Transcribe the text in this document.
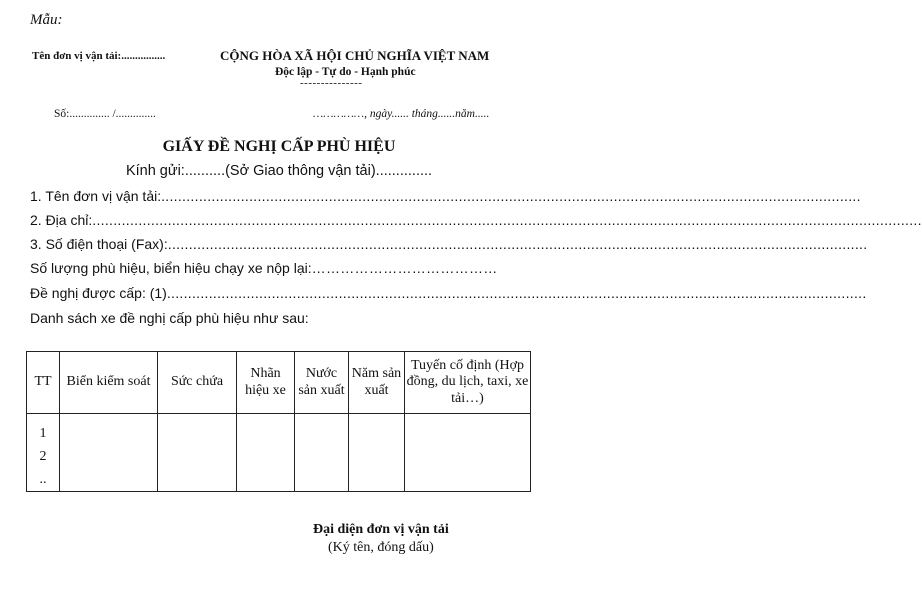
Mẫu:
Tên đơn vị vận tải:................	CỘNG HÒA XÃ HỘI CHỦ NGHĨA VIỆT NAM
Độc lập - Tự do - Hạnh phúc
---------------
Số:.............. /..............	……………, ngày...... tháng......năm.....
GIẤY ĐỀ NGHỊ CẤP PHÙ HIỆU
Kính gửi:..........(Sở Giao thông vận tải)..............
1. Tên đơn vị vận tải: .......................................................................................................................................................................
2. Địa chỉ: ......................................................................................................................................................................................................
3. Số điện thoại (Fax): .......................................................................................................................................................................
Số lượng phù hiệu, biển hiệu chạy xe nộp lại: …………………………………
Đề nghị được cấp: (1) .......................................................................................................................................................................
Danh sách xe đề nghị cấp phù hiệu như sau:
TT	Biển kiểm soát	Sức chứa	Nhãn hiệu xe	Nước sản xuất	Năm sản xuất	Tuyến cố định (Hợp đồng, du lịch, taxi, xe tải…)

1
2
..						

Đại diện đơn vị vận tải
(Ký tên, đóng dấu)
